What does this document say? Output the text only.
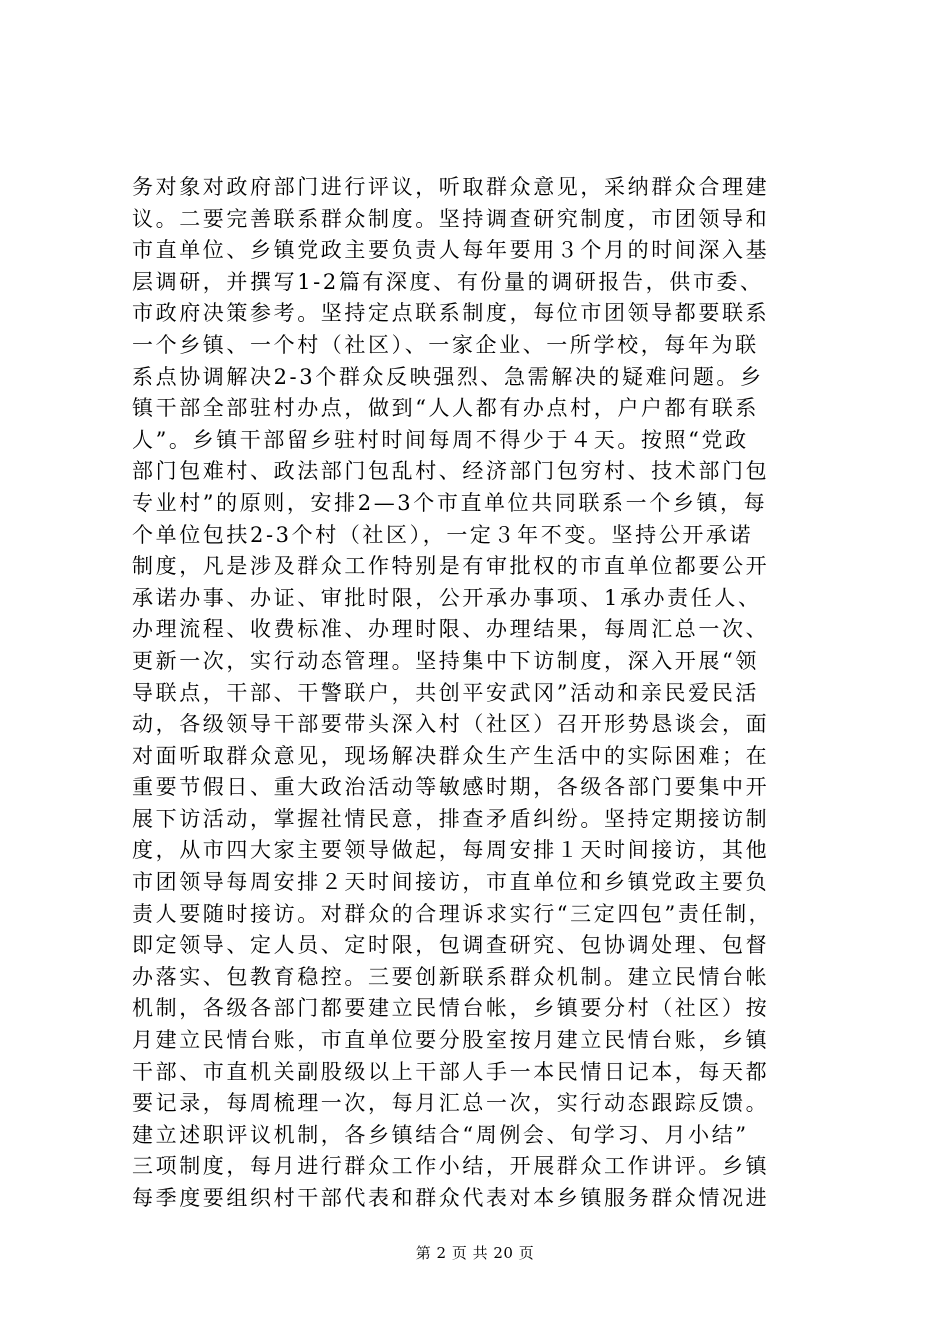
务对象对政府部门进行评议，听取群众意见，采纳群众合理建
议。二要完善联系群众制度。坚持调查研究制度，市团领导和
市直单位、乡镇党政主要负责人每年要用３个月的时间深入基
层调研，并撰写1-2篇有深度、有份量的调研报告，供市委、
市政府决策参考。坚持定点联系制度，每位市团领导都要联系
一个乡镇、一个村（社区）、一家企业、一所学校，每年为联
系点协调解决2-3个群众反映强烈、急需解决的疑难问题。乡
镇干部全部驻村办点，做到“人人都有办点村，户户都有联系
人”。乡镇干部留乡驻村时间每周不得少于４天。按照“党政
部门包难村、政法部门包乱村、经济部门包穷村、技术部门包
专业村”的原则，安排2—3个市直单位共同联系一个乡镇，每
个单位包扶2-3个村（社区），一定３年不变。坚持公开承诺
制度，凡是涉及群众工作特别是有审批权的市直单位都要公开
承诺办事、办证、审批时限，公开承办事项、1承办责任人、
办理流程、收费标准、办理时限、办理结果，每周汇总一次、
更新一次，实行动态管理。坚持集中下访制度，深入开展“领
导联点，干部、干警联户，共创平安武冈”活动和亲民爱民活
动，各级领导干部要带头深入村（社区）召开形势恳谈会，面
对面听取群众意见，现场解决群众生产生活中的实际困难；在
重要节假日、重大政治活动等敏感时期，各级各部门要集中开
展下访活动，掌握社情民意，排查矛盾纠纷。坚持定期接访制
度，从市四大家主要领导做起，每周安排１天时间接访，其他
市团领导每周安排２天时间接访，市直单位和乡镇党政主要负
责人要随时接访。对群众的合理诉求实行“三定四包”责任制，
即定领导、定人员、定时限，包调查研究、包协调处理、包督
办落实、包教育稳控。三要创新联系群众机制。建立民情台帐
机制，各级各部门都要建立民情台帐，乡镇要分村（社区）按
月建立民情台账，市直单位要分股室按月建立民情台账，乡镇
干部、市直机关副股级以上干部人手一本民情日记本，每天都
要记录，每周梳理一次，每月汇总一次，实行动态跟踪反馈。
建立述职评议机制，各乡镇结合“周例会、旬学习、月小结”
三项制度，每月进行群众工作小结，开展群众工作讲评。乡镇
每季度要组织村干部代表和群众代表对本乡镇服务群众情况进
第 2 页 共 20 页
